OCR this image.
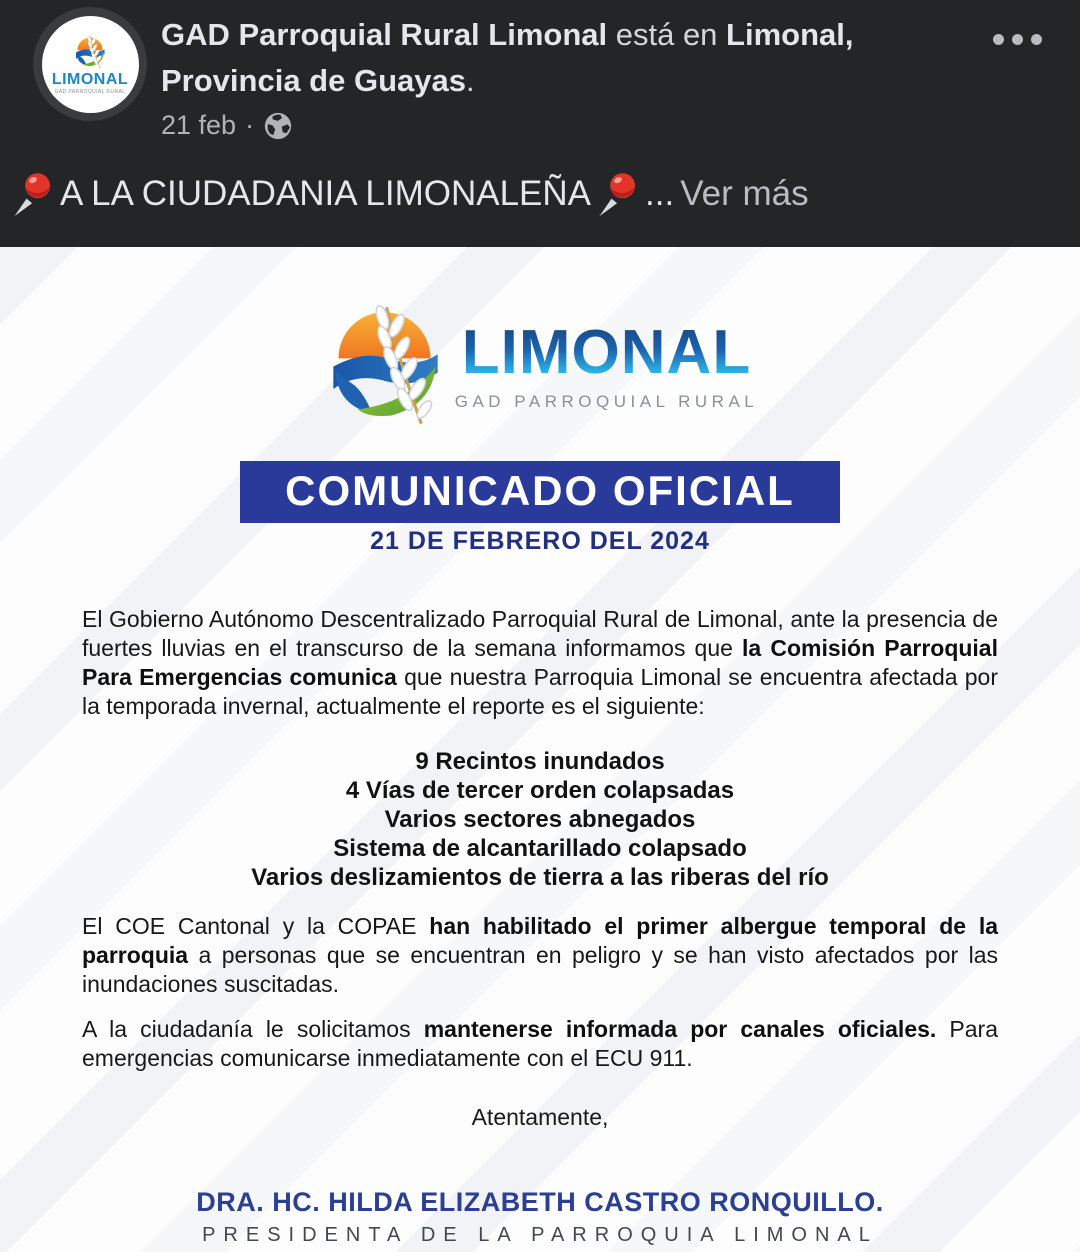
LIMONAL
GAD PARROQUIAL RURAL
GAD Parroquial Rural Limonal está en Limonal, Provincia de Guayas.
21 feb ·
A LA CIUDADANIA LIMONALEÑA ... Ver más
LIMONAL
GAD PARROQUIAL RURAL
COMUNICADO OFICIAL
21 DE FEBRERO DEL 2024
El Gobierno Autónomo Descentralizado Parroquial Rural de Limonal, ante la presencia de fuertes lluvias en el transcurso de la semana informamos que la Comisión Parroquial Para Emergencias comunica que nuestra Parroquia Limonal se encuentra afectada por la temporada invernal, actualmente el reporte es el siguiente:
9 Recintos inundados
4 Vías de tercer orden colapsadas
Varios sectores abnegados
Sistema de alcantarillado colapsado
Varios deslizamientos de tierra a las riberas del río
El COE Cantonal y la COPAE han habilitado el primer albergue temporal de la parroquia a personas que se encuentran en peligro y se han visto afectados por las inundaciones suscitadas.
A la ciudadanía le solicitamos mantenerse informada por canales oficiales. Para emergencias comunicarse inmediatamente con el ECU 911.
Atentamente,
DRA. HC. HILDA ELIZABETH CASTRO RONQUILLO.
PRESIDENTA DE LA PARROQUIA LIMONAL
